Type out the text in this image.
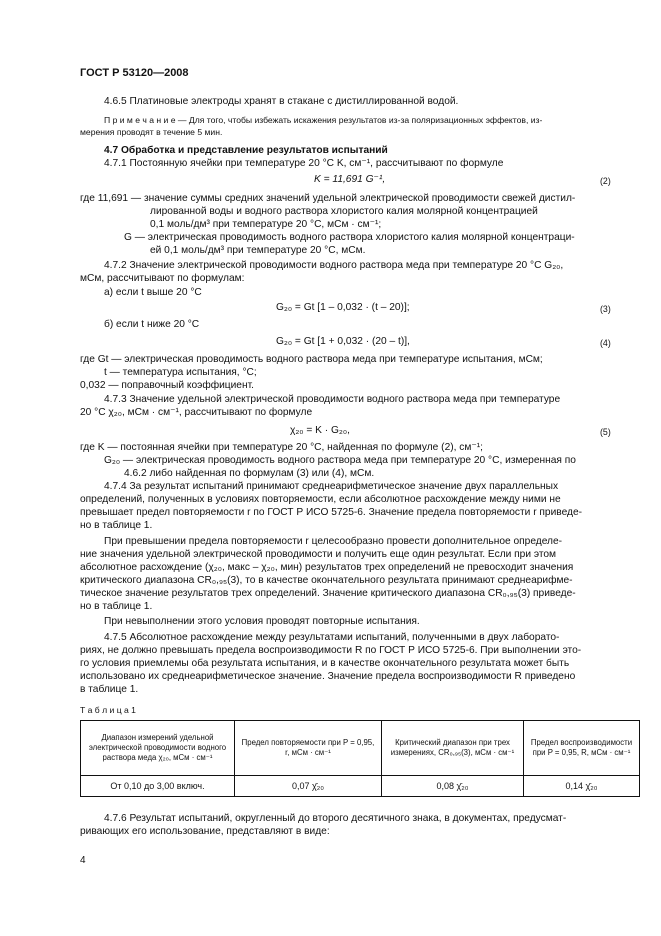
ГОСТ Р 53120—2008
4.6.5 Платиновые электроды хранят в стакане с дистиллированной водой.
П р и м е ч а н и е — Для того, чтобы избежать искажения результатов из-за поляризационных эффектов, из-
мерения проводят в течение 5 мин.
4.7 Обработка и представление результатов испытаний
4.7.1 Постоянную ячейки при температуре 20 °С K, см⁻¹, рассчитывают по формуле
K = 11,691 G⁻¹,	(2)
где 11,691 — значение суммы средних значений удельной электрической проводимости свежей дистил-
лированной воды и водного раствора хлористого калия молярной концентрацией
0,1 моль/дм³ при температуре 20 °С, мСм · см⁻¹;
G — электрическая проводимость водного раствора хлористого калия молярной концентраци-
ей 0,1 моль/дм³ при температуре 20 °С, мСм.
4.7.2 Значение электрической проводимости водного раствора меда при температуре 20 °С G₂₀,
мСм, рассчитывают по формулам:
а) если t выше 20 °С
G₂₀ = Gt [1 – 0,032 · (t – 20)];	(3)
б) если t ниже 20 °С
G₂₀ = Gt [1 + 0,032 · (20 – t)],	(4)
где Gt — электрическая проводимость водного раствора меда при температуре испытания, мСм;
t — температура испытания, °С;
0,032 — поправочный коэффициент.
4.7.3 Значение удельной электрической проводимости водного раствора меда при температуре
20 °С χ₂₀, мСм · см⁻¹, рассчитывают по формуле
χ₂₀ = K · G₂₀,	(5)
где K — постоянная ячейки при температуре 20 °С, найденная по формуле (2), см⁻¹;
G₂₀ — электрическая проводимость водного раствора меда при температуре 20 °С, измеренная по
4.6.2 либо найденная по формулам (3) или (4), мСм.
4.7.4 За результат испытаний принимают среднеарифметическое значение двух параллельных
определений, полученных в условиях повторяемости, если абсолютное расхождение между ними не
превышает предел повторяемости r по ГОСТ Р ИСО 5725-6. Значение предела повторяемости r приведе-
но в таблице 1.
При превышении предела повторяемости r целесообразно провести дополнительное определе-
ние значения удельной электрической проводимости и получить еще один результат. Если при этом
абсолютное расхождение (χ₂₀, макс – χ₂₀, мин) результатов трех определений не превосходит значения
критического диапазона CR₀,₉₅(3), то в качестве окончательного результата принимают среднеарифме-
тическое значение результатов трех определений. Значение критического диапазона CR₀,₉₅(3) приведе-
но в таблице 1.
При невыполнении этого условия проводят повторные испытания.
4.7.5 Абсолютное расхождение между результатами испытаний, полученными в двух лаборато-
риях, не должно превышать предела воспроизводимости R по ГОСТ Р ИСО 5725-6. При выполнении это-
го условия приемлемы оба результата испытания, и в качестве окончательного результата может быть
использовано их среднеарифметическое значение. Значение предела воспроизводимости R приведено
в таблице 1.
Т а б л и ц а 1
Диапазон измерений удельной электрической проводимости водного раствора меда χ₂₀, мСм · см⁻¹	Предел повторяемости при P = 0,95, r, мСм · см⁻¹	Критический диапазон при трех измерениях, CR₀,₉₅(3), мСм · см⁻¹	Предел воспроизводимости при P = 0,95, R, мСм · см⁻¹
От 0,10 до 3,00 включ.	0,07 χ̄₂₀	0,08 χ̄₂₀	0,14 χ̄₂₀
4.7.6 Результат испытаний, округленный до второго десятичного знака, в документах, предусмат-
ривающих его использование, представляют в виде:
4
